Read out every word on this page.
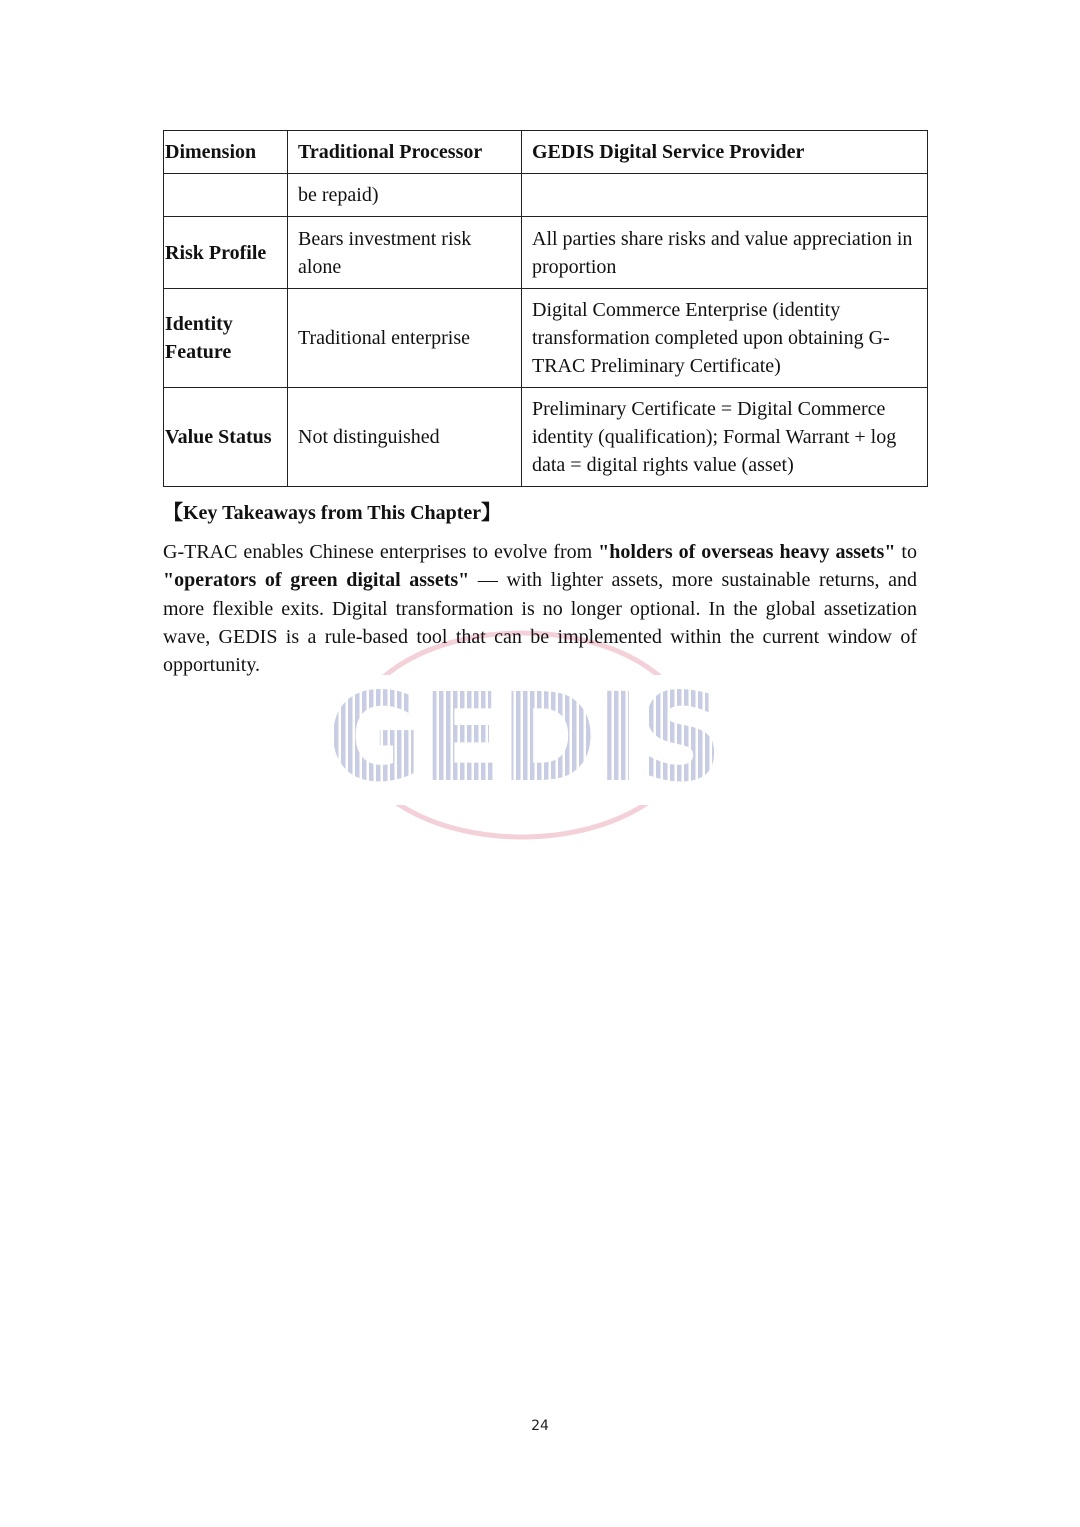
GEDIS
Dimension	Traditional Processor	GEDIS Digital Service Provider
	be repaid)	
Risk Profile	Bears investment risk alone	All parties share risks and value appreciation in proportion
Identity Feature	Traditional enterprise	Digital Commerce Enterprise (identity transformation completed upon obtaining G-TRAC Preliminary Certificate)
Value Status	Not distinguished	Preliminary Certificate = Digital Commerce identity (qualification); Formal Warrant + log data = digital rights value (asset)
【Key Takeaways from This Chapter】

G-TRAC enables Chinese enterprises to evolve from "holders of overseas heavy assets" to "operators of green digital assets" — with lighter assets, more sustainable returns, and more flexible exits. Digital transformation is no longer optional. In the global assetization wave, GEDIS is a rule-based tool that can be implemented within the current window of opportunity.

24
